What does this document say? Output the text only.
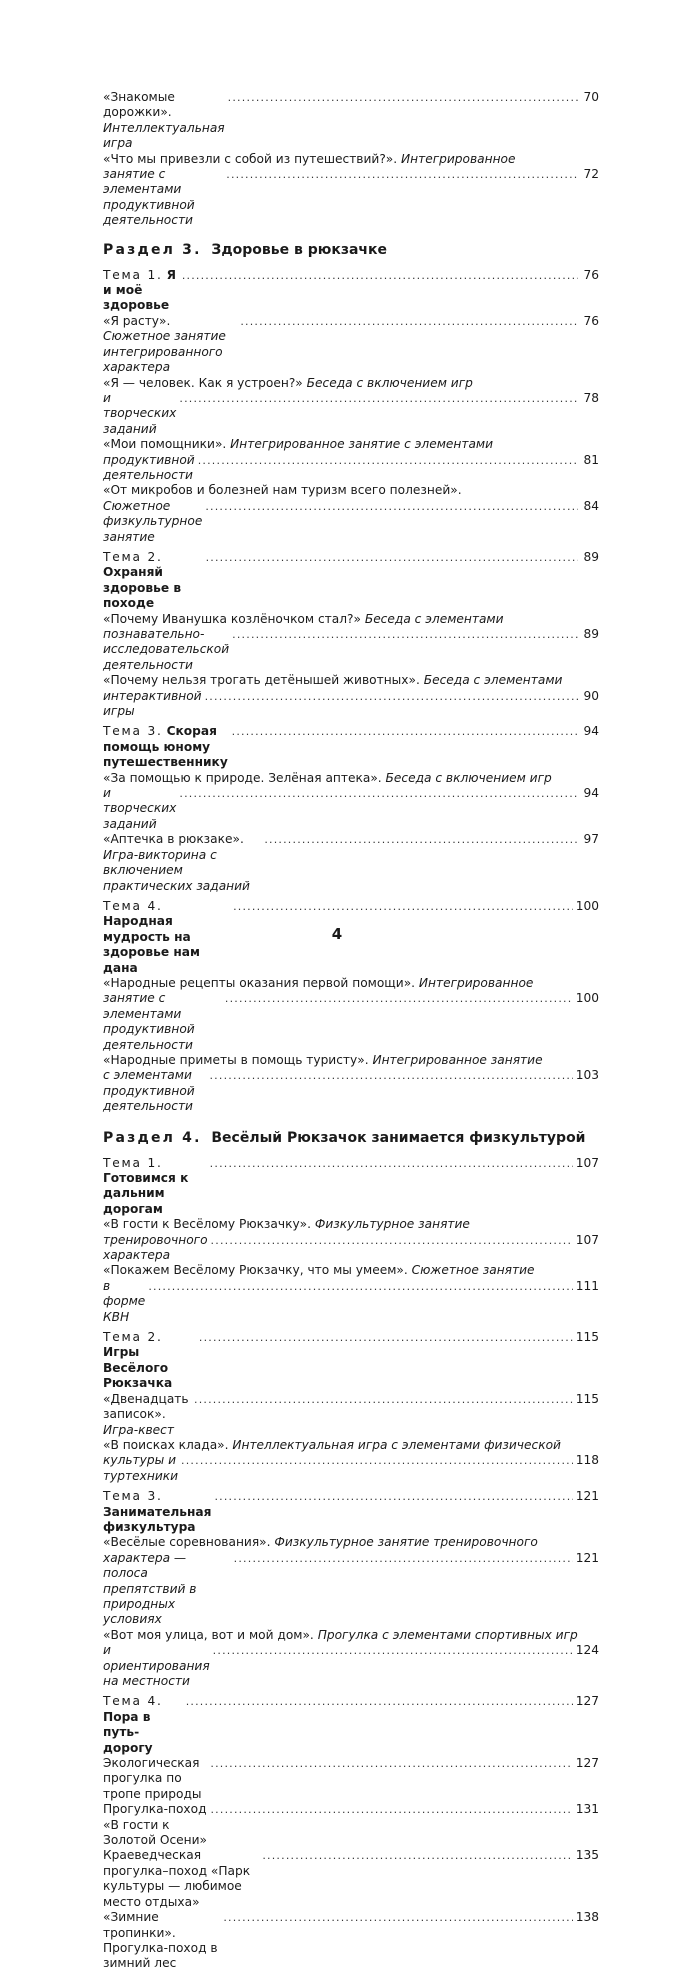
«Знакомые дорожки». Интеллектуальная игра
.....
70
«Что мы привезли с собой из путешествий?». Интегрированное
занятие с элементами продуктивной деятельности
.....
72
Раздел 3. Здоровье в рюкзачке
Тема 1. Я и моё здоровье
.....
76
«Я расту». Сюжетное занятие интегрированного характера
.....
76
«Я — человек. Как я устроен?» Беседа с включением игр
и творческих заданий
.....
78
«Мои помощники». Интегрированное занятие с элементами
продуктивной деятельности
.....
81
«От микробов и болезней нам туризм всего полезней».
Сюжетное физкультурное занятие
.....
84
Тема 2. Охраняй здоровье в походе
.....
89
«Почему Иванушка козлёночком стал?» Беседа с элементами
познавательно-исследовательской деятельности
.....
89
«Почему нельзя трогать детёнышей животных». Беседа с элементами
интерактивной игры
.....
90
Тема 3. Скорая помощь юному путешественнику
.....
94
«За помощью к природе. Зелёная аптека». Беседа с включением игр
и творческих заданий
.....
94
«Аптечка в рюкзаке». Игра-викторина с включением практических заданий
.....
97
Тема 4. Народная мудрость на здоровье нам дана
.....
100
«Народные рецепты оказания первой помощи». Интегрированное
занятие с элементами продуктивной деятельности
.....
100
«Народные приметы в помощь туристу». Интегрированное занятие
с элементами продуктивной деятельности
.....
103
Раздел 4. Весёлый Рюкзачок занимается физкультурой
Тема 1. Готовимся к дальним дорогам
.....
107
«В гости к Весёлому Рюкзачку». Физкультурное занятие
тренировочного характера
.....
107
«Покажем Весёлому Рюкзачку, что мы умеем». Сюжетное занятие
в форме КВН
.....
111
Тема 2. Игры Весёлого Рюкзачка
.....
115
«Двенадцать записок». Игра-квест
.....
115
«В поисках клада». Интеллектуальная игра с элементами физической
культуры и туртехники
.....
118
Тема 3. Занимательная физкультура
.....
121
«Весёлые соревнования». Физкультурное занятие тренировочного
характера — полоса препятствий в природных условиях
.....
121
«Вот моя улица, вот и мой дом». Прогулка с элементами спортивных игр
и ориентирования на местности
.....
124
Тема 4. Пора в путь-дорогу
.....
127
Экологическая прогулка по тропе природы
.....
127
Прогулка-поход «В гости к Золотой Осени»
.....
131
Краеведческая прогулка–поход «Парк культуры — любимое место отдыха»
.....
135
«Зимние тропинки». Прогулка-поход в зимний лес
.....
138
4
